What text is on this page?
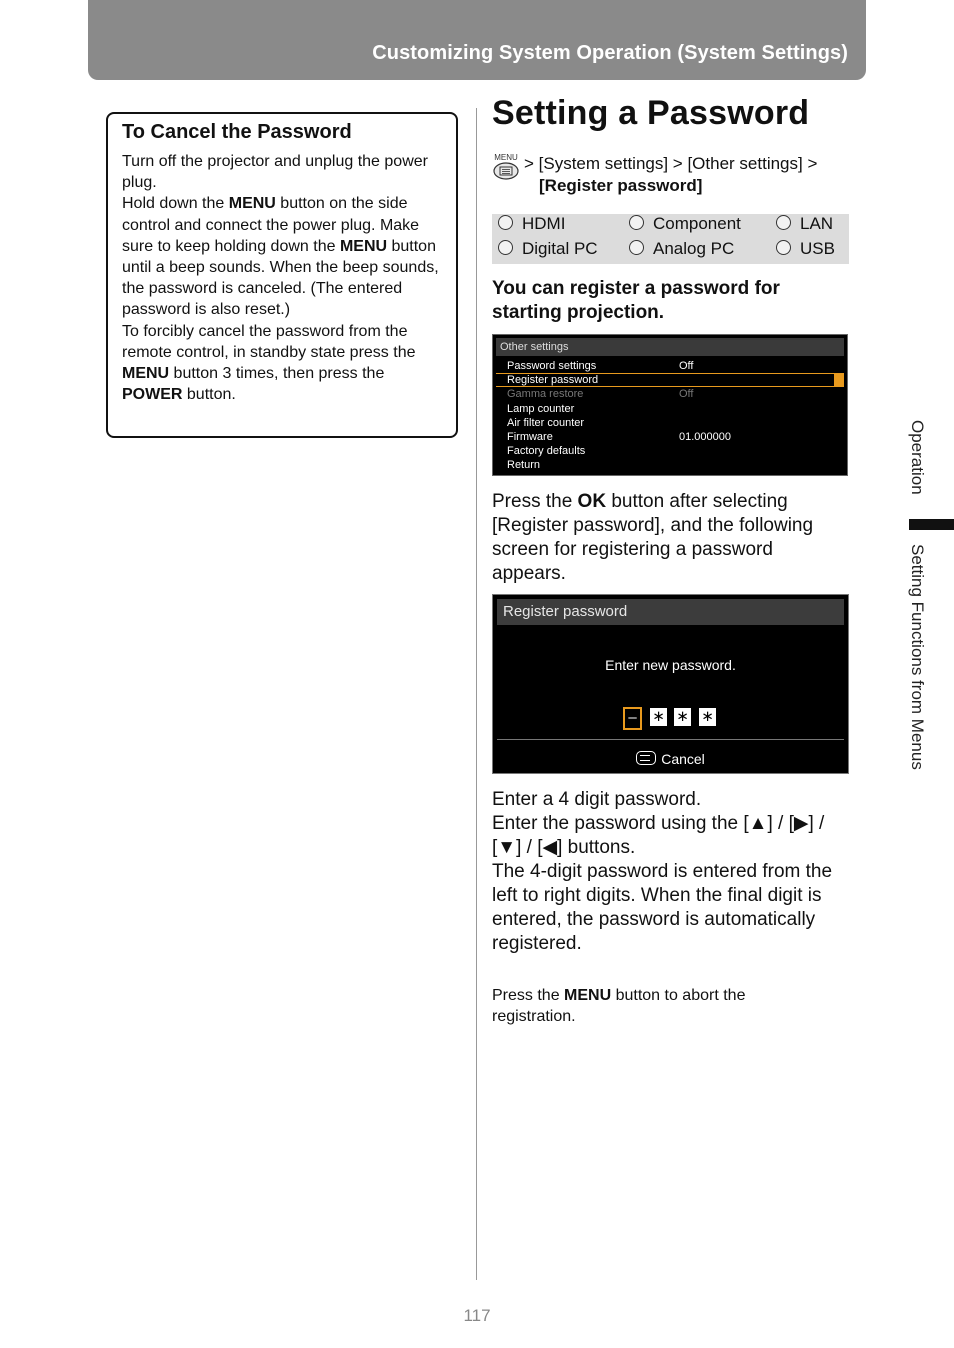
Customizing System Operation (System Settings)
To Cancel the Password

Turn off the projector and unplug the power plug.

Hold down the MENU button on the side control and connect the power plug. Make sure to keep holding down the MENU button until a beep sounds. When the beep sounds, the password is canceled. (The entered password is also reset.)

To forcibly cancel the password from the remote control, in standby state press the MENU button 3 times, then press the POWER button.

Setting a Password
MENU > [System settings] > [Other settings] >
[Register password]
HDMI	Component	LAN
Digital PC	Analog PC	USB
You can register a password for starting projection.
Other settings
Password settings	Off
Register password
Gamma restore	Off
Lamp counter
Air filter counter
Firmware	01.000000
Factory defaults
Return

Press the OK button after selecting [Register password], and the following screen for registering a password appears.

Register password
Enter new password.
–	∗ ∗ ∗
Cancel

Enter a 4 digit password.

Enter the password using the [▲] / [▶] / [▼] / [◀] buttons.

The 4-digit password is entered from the left to right digits. When the final digit is entered, the password is automatically registered.

Press the MENU button to abort the registration.
Operation
Setting Functions from Menus
117
